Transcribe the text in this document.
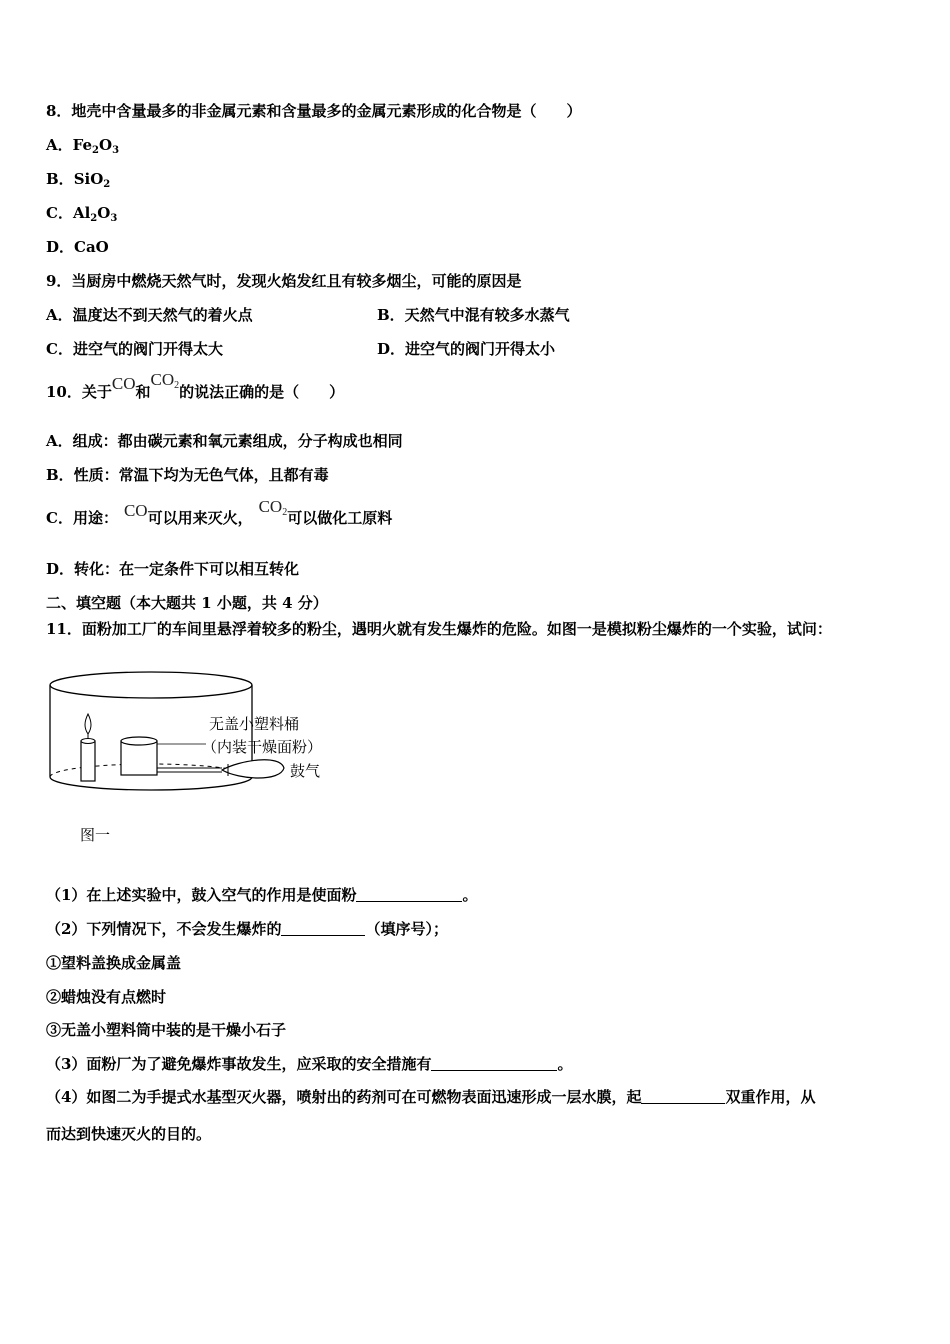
8．地壳中含量最多的非金属元素和含量最多的金属元素形成的化合物是（　　）
A．$Fe_2O_3$
B．SiO$_2$
C．$Al_2O_3$
D．CaO
9．当厨房中燃烧天然气时，发现火焰发红且有较多烟尘，可能的原因是
A．温度达不到天然气的着火点	B．天然气中混有较多水蒸气
C．进空气的阀门开得太大	D．进空气的阀门开得太小
10．关于CO和CO2的说法正确的是（　　）
A．组成：都由碳元素和氧元素组成，分子构成也相同
B．性质：常温下均为无色气体，且都有毒
C．用途： CO可以用来灭火，CO2可以做化工原料
D．转化：在一定条件下可以相互转化
二、填空题（本大题共 1 小题，共 4 分）
11．面粉加工厂的车间里悬浮着较多的粉尘，遇明火就有发生爆炸的危险。如图一是模拟粉尘爆炸的一个实验，试问：
无盖小塑料桶
（内装干燥面粉）
鼓气
图一
（1）在上述实验中，鼓入空气的作用是使面粉	。
（2）下列情况下，不会发生爆炸的	（填序号）；
①望料盖换成金属盖
②蜡烛没有点燃时
③无盖小塑料筒中装的是干燥小石子
（3）面粉厂为了避免爆炸事故发生，应采取的安全措施有	。
（4）如图二为手提式水基型灭火器，喷射出的药剂可在可燃物表面迅速形成一层水膜，起	双重作用，从
而达到快速灭火的目的。
